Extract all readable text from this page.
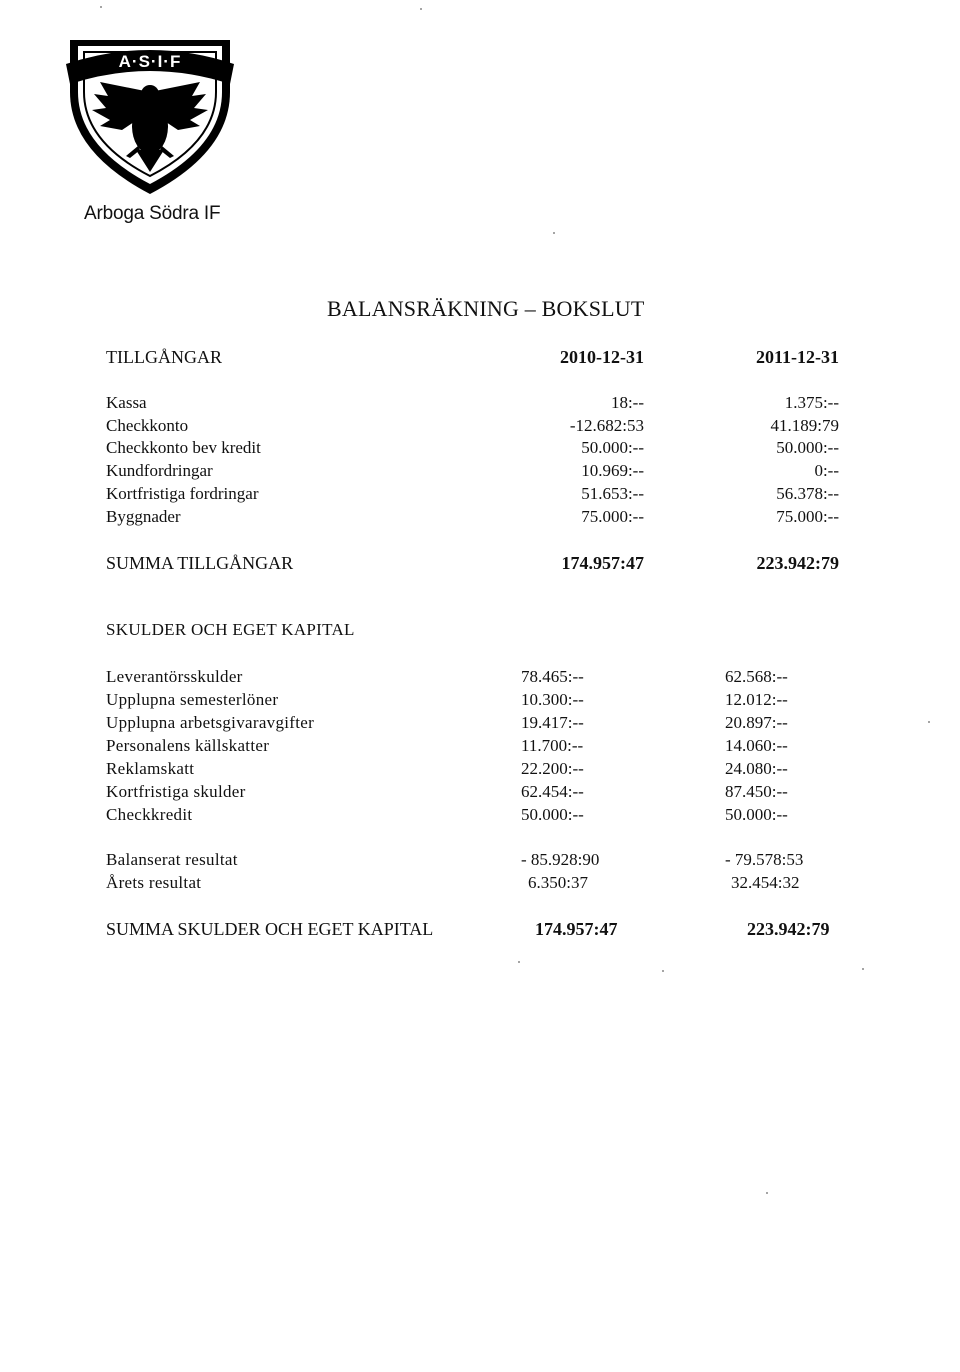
A·S·I·F
Arboga Södra IF
BALANSRÄKNING – BOKSLUT
TILLGÅNGAR	2010-12-31	2011-12-31
Kassa	18:--	1.375:--
Checkkonto	-12.682:53	41.189:79
Checkkonto bev kredit	50.000:--	50.000:--
Kundfordringar	10.969:--	0:--
Kortfristiga fordringar	51.653:--	56.378:--
Byggnader	75.000:--	75.000:--
SUMMA TILLGÅNGAR	174.957:47	223.942:79
SKULDER OCH EGET KAPITAL
Leverantörsskulder	78.465:--	62.568:--
Upplupna semesterlöner	10.300:--	12.012:--
Upplupna arbetsgivaravgifter	19.417:--	20.897:--
Personalens källskatter	11.700:--	14.060:--
Reklamskatt	22.200:--	24.080:--
Kortfristiga skulder	62.454:--	87.450:--
Checkkredit	50.000:--	50.000:--
Balanserat resultat	- 85.928:90	- 79.578:53
Årets resultat	6.350:37	32.454:32
SUMMA SKULDER OCH EGET KAPITAL	174.957:47	223.942:79
